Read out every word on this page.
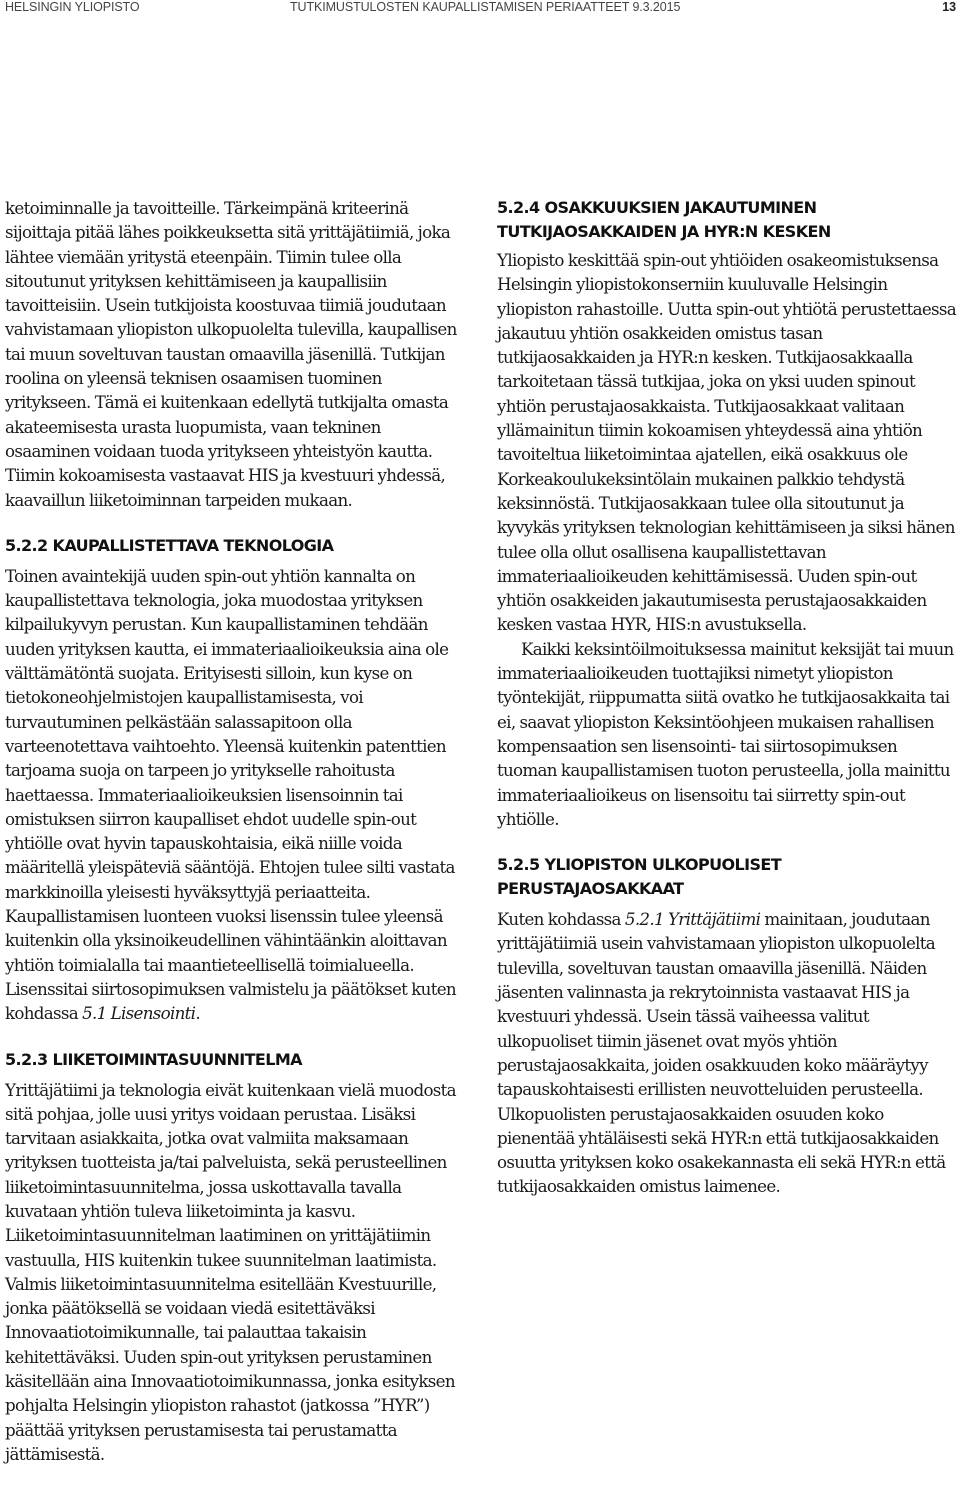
HELSINGIN YLIOPISTO	TUTKIMUSTULOSTEN KAUPALLISTAMISEN PERIAATTEET 9.3.2015	13

ketoiminnalle ja tavoitteille. Tärkeimpänä kriteerinä sijoittaja pitää lähes poikkeuksetta sitä yrittäjätiimiä, joka lähtee viemään yritystä eteenpäin. Tiimin tulee olla sitoutunut yrityksen kehittämiseen ja kaupallisiin tavoitteisiin. Usein tutkijoista koostuvaa tiimiä joudutaan vahvistamaan yliopiston ulkopuolelta tulevilla, kaupallisen tai muun soveltuvan taustan omaavilla jäsenillä. Tutkijan roolina on yleensä teknisen osaamisen tuominen yritykseen. Tämä ei kuitenkaan edellytä tutkijalta omasta akateemisesta urasta luopumista, vaan tekninen osaaminen voidaan tuoda yritykseen yhteistyön kautta. Tiimin kokoamisesta vastaavat HIS ja kvestuuri yhdessä, kaavaillun liiketoiminnan tarpeiden mukaan.

5.2.2 KAUPALLISTETTAVA TEKNOLOGIA

Toinen avaintekijä uuden spin-out yhtiön kannalta on kaupallistettava teknologia, joka muodostaa yrityksen kilpailukyvyn perustan. Kun kaupallistaminen tehdään uuden yrityksen kautta, ei immateriaalioikeuksia aina ole välttämätöntä suojata. Erityisesti silloin, kun kyse on tietokoneohjelmistojen kaupallistamisesta, voi turvautuminen pelkästään salassapitoon olla varteenotettava vaihtoehto. Yleensä kuitenkin patenttien tarjoama suoja on tarpeen jo yritykselle rahoitusta haettaessa. Immateriaalioikeuksien lisensoinnin tai omistuksen siirron kaupalliset ehdot uudelle spin-out yhtiölle ovat hyvin tapauskohtaisia, eikä niille voida määritellä yleispäteviä sääntöjä. Ehtojen tulee silti vastata markkinoilla yleisesti hyväksyttyjä periaatteita. Kaupallistamisen luonteen vuoksi lisenssin tulee yleensä kuitenkin olla yksinoikeudellinen vähintäänkin aloittavan yhtiön toimialalla tai maantieteellisellä toimialueella. Lisenssitai siirtosopimuksen valmistelu ja päätökset kuten kohdassa 5.1 Lisensointi.

5.2.3 LIIKETOIMINTASUUNNITELMA

Yrittäjätiimi ja teknologia eivät kuitenkaan vielä muodosta sitä pohjaa, jolle uusi yritys voidaan perustaa. Lisäksi tarvitaan asiakkaita, jotka ovat valmiita maksamaan yrityksen tuotteista ja/tai palveluista, sekä perusteellinen liiketoimintasuunnitelma, jossa uskottavalla tavalla kuvataan yhtiön tuleva liiketoiminta ja kasvu. Liiketoimintasuunnitelman laatiminen on yrittäjätiimin vastuulla, HIS kuitenkin tukee suunnitelman laatimista. Valmis liiketoimintasuunnitelma esitellään Kvestuurille, jonka päätöksellä se voidaan viedä esitettäväksi Innovaatiotoimikunnalle, tai palauttaa takaisin kehitettäväksi. Uuden spin-out yrityksen perustaminen käsitellään aina Innovaatiotoimikunnassa, jonka esityksen pohjalta Helsingin yliopiston rahastot (jatkossa ”HYR”) päättää yrityksen perustamisesta tai perustamatta jättämisestä.

5.2.4 OSAKKUUKSIEN JAKAUTUMINEN
TUTKIJAOSAKKAIDEN JA HYR:N KESKEN

Yliopisto keskittää spin-out yhtiöiden osakeomistuksensa Helsingin yliopistokonserniin kuuluvalle Helsingin yliopiston rahastoille. Uutta spin-out yhtiötä perustettaessa jakautuu yhtiön osakkeiden omistus tasan tutkijaosakkaiden ja HYR:n kesken. Tutkijaosakkaalla tarkoitetaan tässä tutkijaa, joka on yksi uuden spinout yhtiön perustajaosakkaista. Tutkijaosakkaat valitaan yllämainitun tiimin kokoamisen yhteydessä aina yhtiön tavoiteltua liiketoimintaa ajatellen, eikä osakkuus ole Korkeakoulukeksintölain mukainen palkkio tehdystä keksinnöstä. Tutkijaosakkaan tulee olla sitoutunut ja kyvykäs yrityksen teknologian kehittämiseen ja siksi hänen tulee olla ollut osallisena kaupallistettavan immateriaalioikeuden kehittämisessä. Uuden spin-out yhtiön osakkeiden jakautumisesta perustajaosakkaiden kesken vastaa HYR, HIS:n avustuksella.

Kaikki keksintöilmoituksessa mainitut keksijät tai muun immateriaalioikeuden tuottajiksi nimetyt yliopiston työntekijät, riippumatta siitä ovatko he tutkijaosakkaita tai ei, saavat yliopiston Keksintöohjeen mukaisen rahallisen kompensaation sen lisensointi- tai siirtosopimuksen tuoman kaupallistamisen tuoton perusteella, jolla mainittu immateriaalioikeus on lisensoitu tai siirretty spin-out yhtiölle.

5.2.5 YLIOPISTON ULKOPUOLISET
PERUSTAJAOSAKKAAT

Kuten kohdassa 5.2.1 Yrittäjätiimi mainitaan, joudutaan yrittäjätiimiä usein vahvistamaan yliopiston ulkopuolelta tulevilla, soveltuvan taustan omaavilla jäsenillä. Näiden jäsenten valinnasta ja rekrytoinnista vastaavat HIS ja kvestuuri yhdessä. Usein tässä vaiheessa valitut ulkopuoliset tiimin jäsenet ovat myös yhtiön perustajaosakkaita, joiden osakkuuden koko määräytyy tapauskohtaisesti erillisten neuvotteluiden perusteella. Ulkopuolisten perustajaosakkaiden osuuden koko pienentää yhtäläisesti sekä HYR:n että tutkijaosakkaiden osuutta yrityksen koko osakekannasta eli sekä HYR:n että tutkijaosakkaiden omistus laimenee.
